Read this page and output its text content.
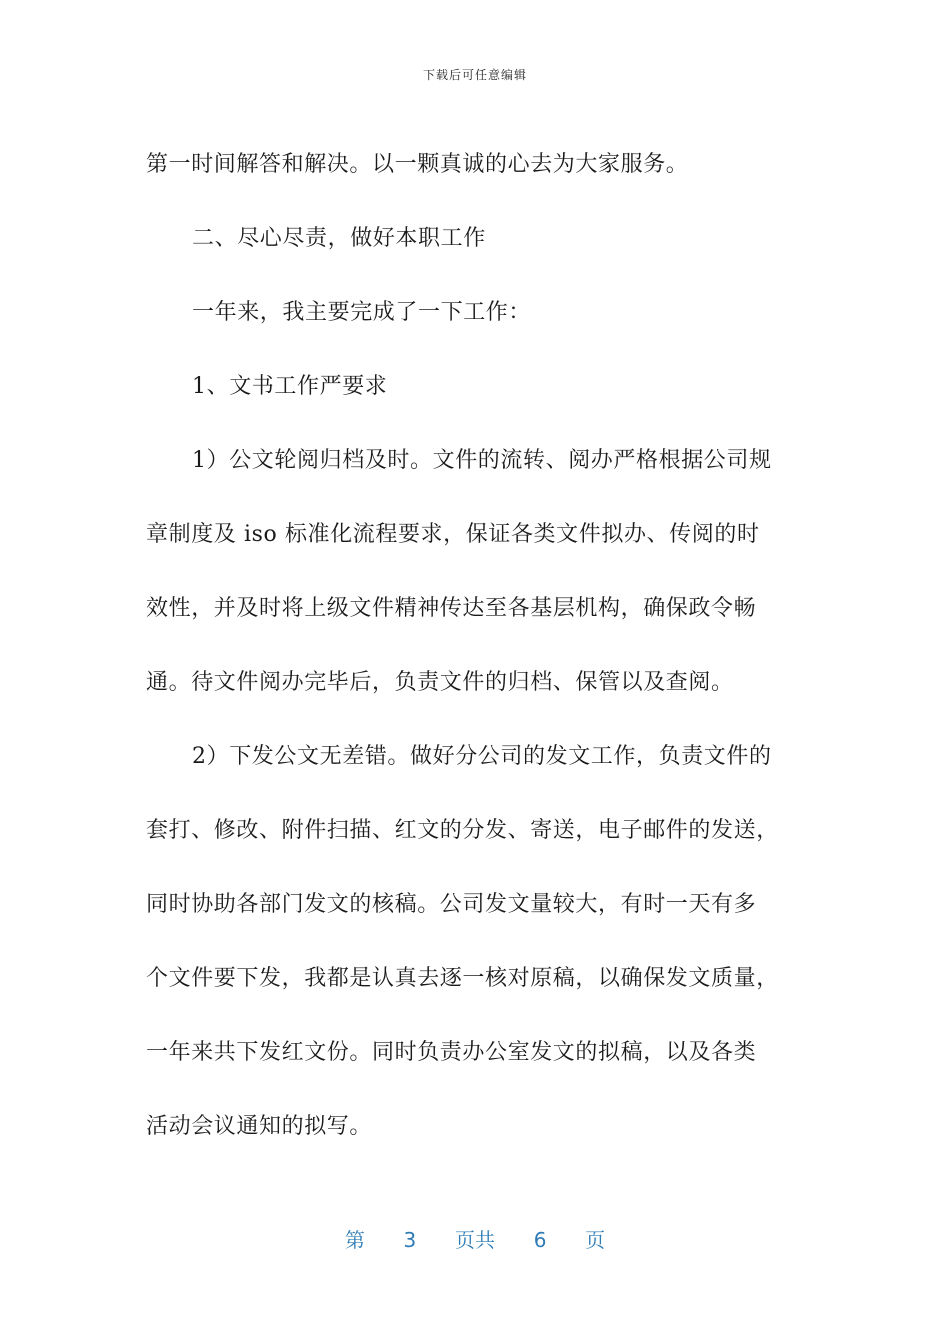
下载后可任意编辑
第一时间解答和解决。以一颗真诚的心去为大家服务。
二、尽心尽责，做好本职工作
一年来，我主要完成了一下工作：
1、文书工作严要求
1）公文轮阅归档及时。文件的流转、阅办严格根据公司规
章制度及 iso 标准化流程要求，保证各类文件拟办、传阅的时
效性，并及时将上级文件精神传达至各基层机构，确保政令畅
通。待文件阅办完毕后，负责文件的归档、保管以及查阅。
2）下发公文无差错。做好分公司的发文工作，负责文件的
套打、修改、附件扫描、红文的分发、寄送，电子邮件的发送，
同时协助各部门发文的核稿。公司发文量较大，有时一天有多
个文件要下发，我都是认真去逐一核对原稿，以确保发文质量，
一年来共下发红文份。同时负责办公室发文的拟稿，以及各类
活动会议通知的拟写。
第 3 页共 6 页
